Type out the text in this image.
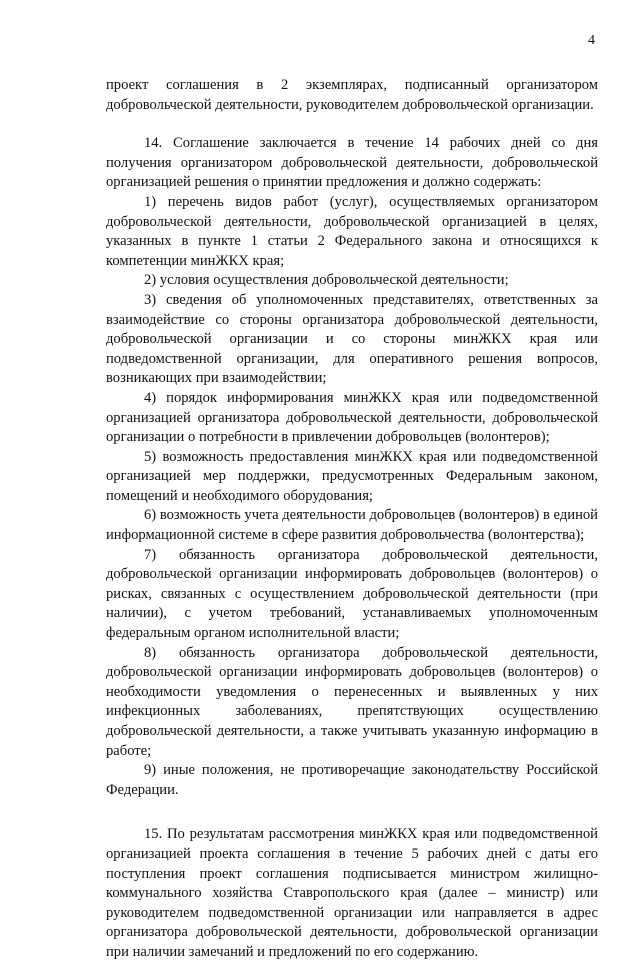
4

проект соглашения в 2 экземплярах, подписанный организатором добровольческой деятельности, руководителем добровольческой организации.

14. Соглашение заключается в течение 14 рабочих дней со дня получения организатором добровольческой деятельности, добровольческой организацией решения о принятии предложения и должно содержать:

1) перечень видов работ (услуг), осуществляемых организатором добровольческой деятельности, добровольческой организацией в целях, указанных в пункте 1 статьи 2 Федерального закона и относящихся к компетенции минЖКХ края;

2) условия осуществления добровольческой деятельности;

3) сведения об уполномоченных представителях, ответственных за взаимодействие со стороны организатора добровольческой деятельности, добровольческой организации и со стороны минЖКХ края или подведомственной организации, для оперативного решения вопросов, возникающих при взаимодействии;

4) порядок информирования минЖКХ края или подведомственной организацией организатора добровольческой деятельности, добровольческой организации о потребности в привлечении добровольцев (волонтеров);

5) возможность предоставления минЖКХ края или подведомственной организацией мер поддержки, предусмотренных Федеральным законом, помещений и необходимого оборудования;

6) возможность учета деятельности добровольцев (волонтеров) в единой информационной системе в сфере развития добровольчества (волонтерства);

7) обязанность организатора добровольческой деятельности, добровольческой организации информировать добровольцев (волонтеров) о рисках, связанных с осуществлением добровольческой деятельности (при наличии), с учетом требований, устанавливаемых уполномоченным федеральным органом исполнительной власти;

8) обязанность организатора добровольческой деятельности, добровольческой организации информировать добровольцев (волонтеров) о необходимости уведомления о перенесенных и выявленных у них инфекционных заболеваниях, препятствующих осуществлению добровольческой деятельности, а также учитывать указанную информацию в работе;

9) иные положения, не противоречащие законодательству Российской Федерации.

15. По результатам рассмотрения минЖКХ края или подведомственной организацией проекта соглашения в течение 5 рабочих дней с даты его поступления проект соглашения подписывается министром жилищно-коммунального хозяйства Ставропольского края (далее – министр) или руководителем подведомственной организации или направляется в адрес организатора добровольческой деятельности, добровольческой организации при наличии замечаний и предложений по его содержанию.
